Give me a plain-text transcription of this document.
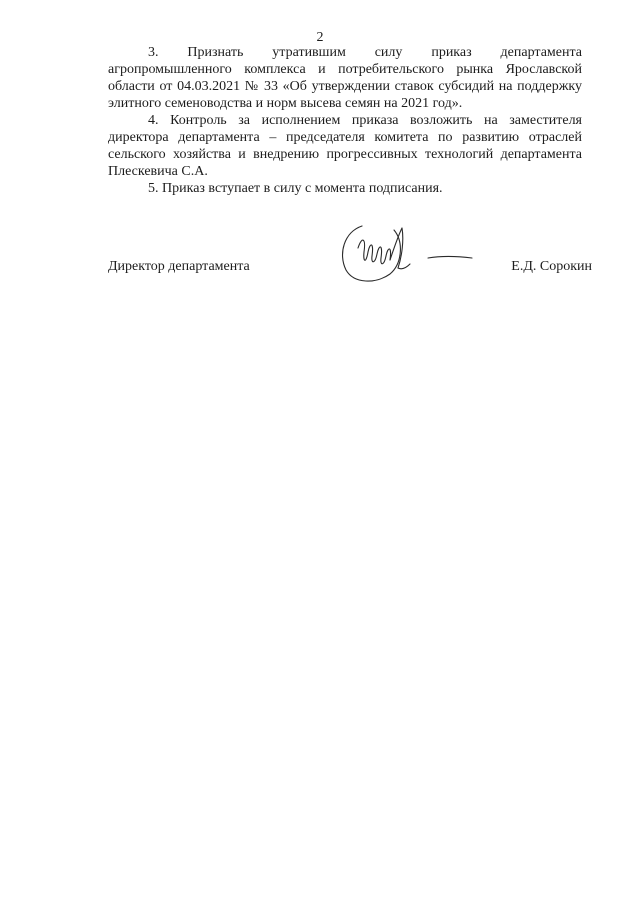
2

3. Признать утратившим силу приказ департамента агропромышленного комплекса и потребительского рынка Ярославской области от 04.03.2021 № 33 «Об утверждении ставок субсидий на поддержку элитного семеноводства и норм высева семян на 2021 год».

4. Контроль за исполнением приказа возложить на заместителя директора департамента – председателя комитета по развитию отраслей сельского хозяйства и внедрению прогрессивных технологий департамента Плескевича С.А.

5. Приказ вступает в силу с момента подписания.

Директор департамента	Е.Д. Сорокин
